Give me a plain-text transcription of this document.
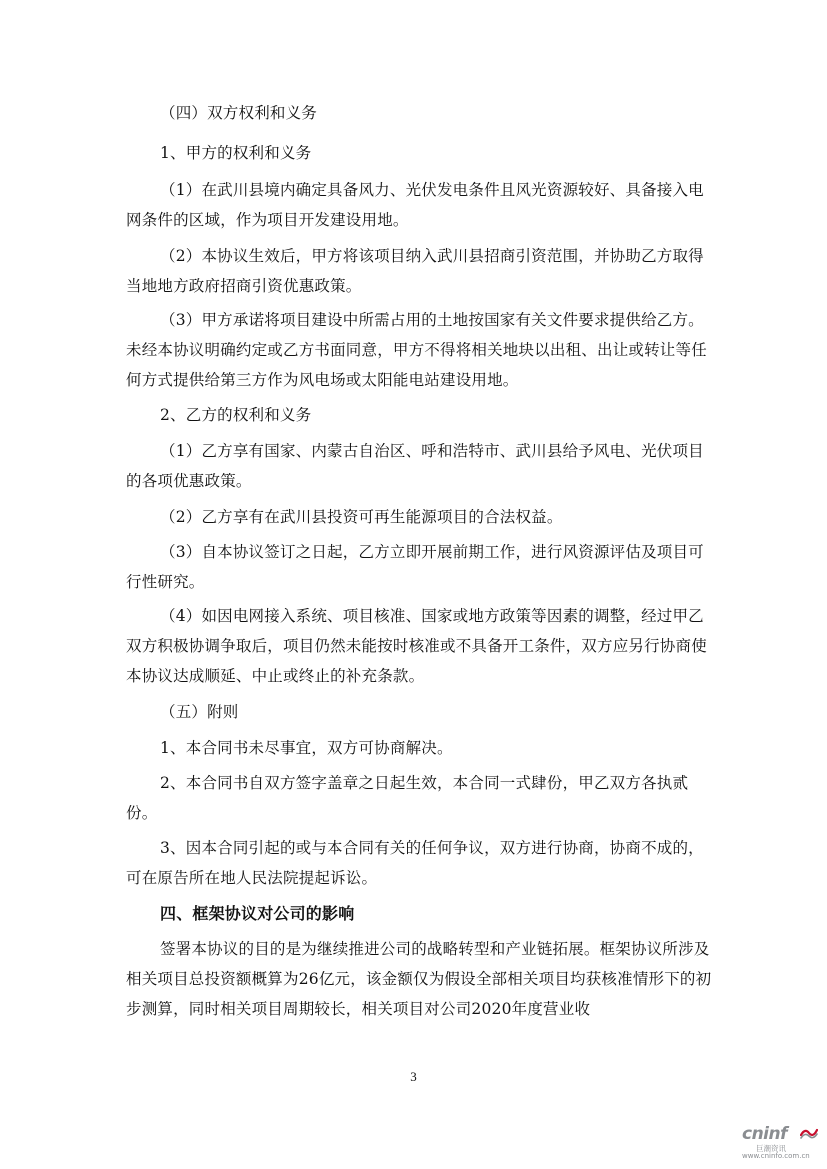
（四）双方权利和义务

1、甲方的权利和义务

（1）在武川县境内确定具备风力、光伏发电条件且风光资源较好、具备接入电网条件的区域，作为项目开发建设用地。

（2）本协议生效后，甲方将该项目纳入武川县招商引资范围，并协助乙方取得当地地方政府招商引资优惠政策。

（3）甲方承诺将项目建设中所需占用的土地按国家有关文件要求提供给乙方。未经本协议明确约定或乙方书面同意，甲方不得将相关地块以出租、出让或转让等任何方式提供给第三方作为风电场或太阳能电站建设用地。

2、乙方的权利和义务

（1）乙方享有国家、内蒙古自治区、呼和浩特市、武川县给予风电、光伏项目的各项优惠政策。

（2）乙方享有在武川县投资可再生能源项目的合法权益。

（3）自本协议签订之日起，乙方立即开展前期工作，进行风资源评估及项目可行性研究。

（4）如因电网接入系统、项目核准、国家或地方政策等因素的调整，经过甲乙双方积极协调争取后，项目仍然未能按时核准或不具备开工条件，双方应另行协商使本协议达成顺延、中止或终止的补充条款。

（五）附则

1、本合同书未尽事宜，双方可协商解决。

2、本合同书自双方签字盖章之日起生效，本合同一式肆份，甲乙双方各执贰份。

3、因本合同引起的或与本合同有关的任何争议，双方进行协商，协商不成的，可在原告所在地人民法院提起诉讼。

四、框架协议对公司的影响

签署本协议的目的是为继续推进公司的战略转型和产业链拓展。框架协议所涉及相关项目总投资额概算为26亿元，该金额仅为假设全部相关项目均获核准情形下的初步测算，同时相关项目周期较长，相关项目对公司2020年度营业收

3
cninf
巨潮资讯
www.cninfo.com.cn
